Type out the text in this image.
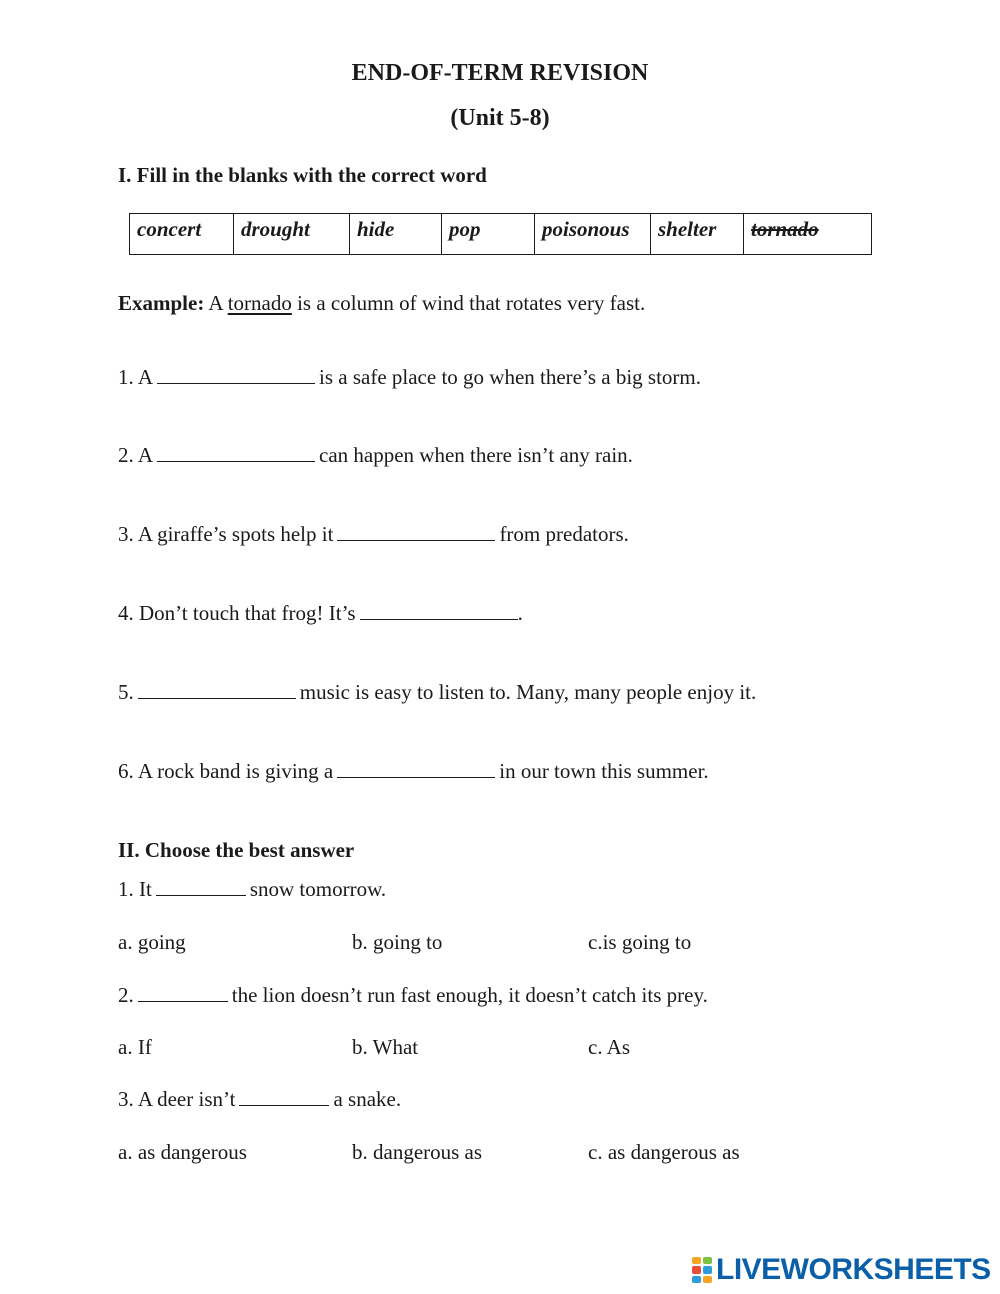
END-OF-TERM REVISION
(Unit 5-8)
I. Fill in the blanks with the correct word
concert	drought	hide	pop	poisonous	shelter	tornado
Example: A tornado is a column of wind that rotates very fast.
1. A	is a safe place to go when there’s a big storm.
2. A	can happen when there isn’t any rain.
3. A giraffe’s spots help it	from predators.
4. Don’t touch that frog! It’s	.
5.	music is easy to listen to. Many, many people enjoy it.
6. A rock band is giving a	in our town this summer.
II. Choose the best answer
1. It	snow tomorrow.
a. going	b. going to	c.is going to
2.	the lion doesn’t run fast enough, it doesn’t catch its prey.
a. If	b. What	c. As
3. A deer isn’t	a snake.
a. as dangerous	b. dangerous as	c. as dangerous as
LIVEWORKSHEETS
